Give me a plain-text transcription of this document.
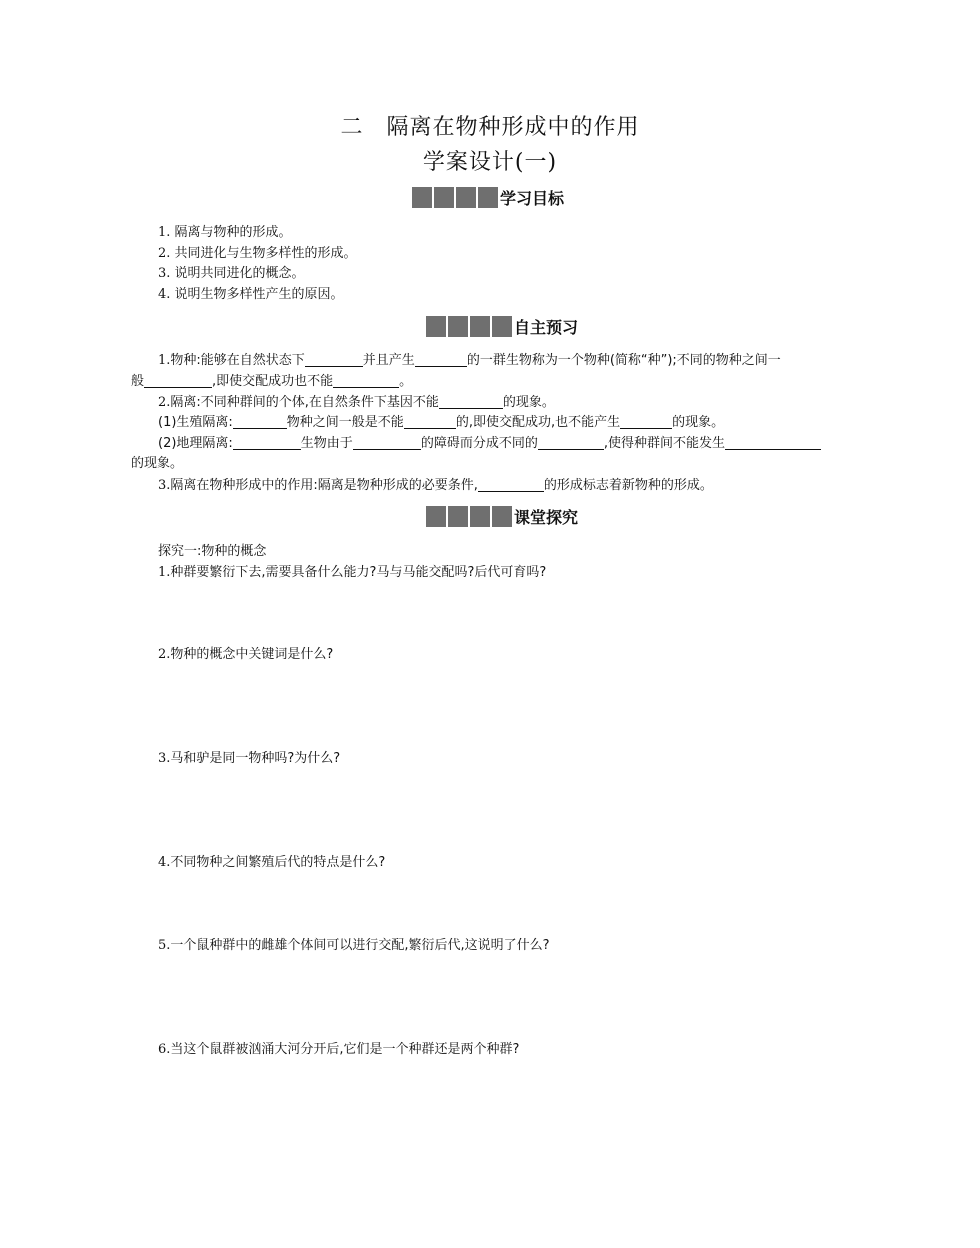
二　隔离在物种形成中的作用
学案设计(一)
学习目标
1. 隔离与物种的形成。
2. 共同进化与生物多样性的形成。
3. 说明共同进化的概念。
4. 说明生物多样性产生的原因。
自主预习
1.物种:能够在自然状态下	并且产生	的一群生物称为一个物种(简称“种”);不同的物种之间一
般	,即使交配成功也不能	。
2.隔离:不同种群间的个体,在自然条件下基因不能	的现象。
(1)生殖隔离:	物种之间一般是不能	的,即使交配成功,也不能产生	的现象。
(2)地理隔离:	生物由于	的障碍而分成不同的	,使得种群间不能发生
的现象。
3.隔离在物种形成中的作用:隔离是物种形成的必要条件,	的形成标志着新物种的形成。
课堂探究
探究一:物种的概念
1.种群要繁衍下去,需要具备什么能力?马与马能交配吗?后代可育吗?
2.物种的概念中关键词是什么?
3.马和驴是同一物种吗?为什么?
4.不同物种之间繁殖后代的特点是什么?
5.一个鼠种群中的雌雄个体间可以进行交配,繁衍后代,这说明了什么?
6.当这个鼠群被汹涌大河分开后,它们是一个种群还是两个种群?
